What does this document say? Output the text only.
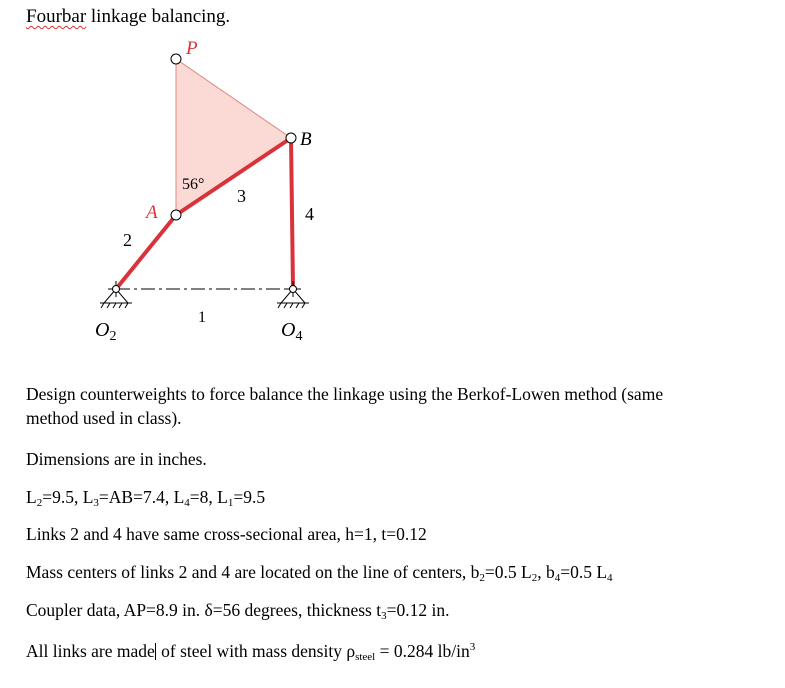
Fourbar linkage balancing.
P
B
A
56°
3
4
2
1
$O_2$	$O_4$
Design counterweights to force balance the linkage using the Berkof-Lowen method (same
method used in class).
Dimensions are in inches.
$L_2=9.5$, $L_3=AB=7.4$, $L_4=8$, $L_1=9.5$
Links 2 and 4 have same cross-secional area, h=1, t=0.12
Mass centers of links 2 and 4 are located on the line of centers, $b_2=0.5$ $L_2$, $b_4=0.5$ $L_4$
Coupler data, AP=8.9 in. δ=56 degrees, thickness $t_3=0.12$ in.
All links are made of steel with mass density $\rho_{steel} = 0.284$ $lb/in^3$
